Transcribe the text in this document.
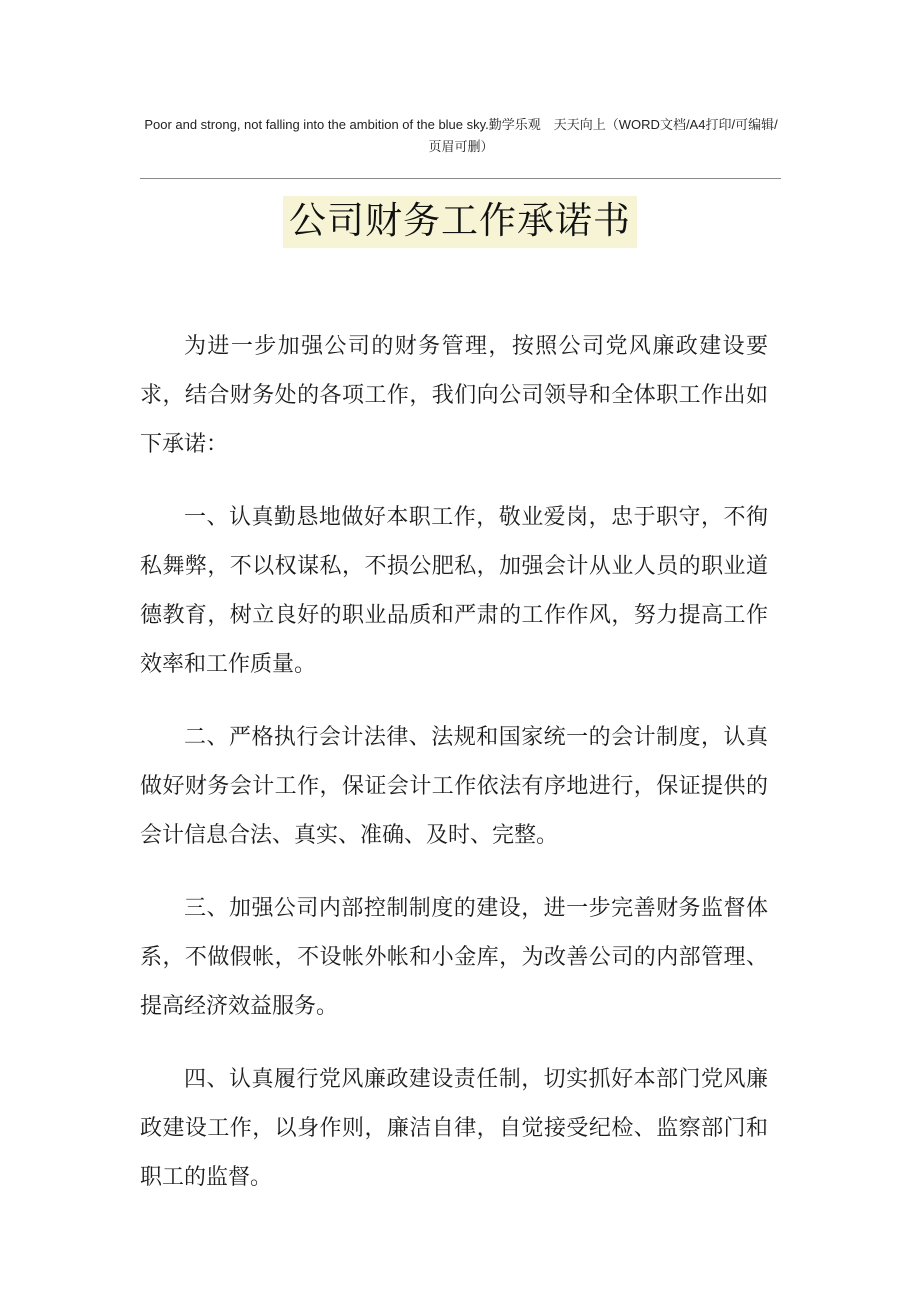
Poor and strong, not falling into the ambition of the blue sky.勤学乐观　天天向上（WORD文档/A4打印/可编辑/页眉可删）
公司财务工作承诺书

为进一步加强公司的财务管理，按照公司党风廉政建设要求，结合财务处的各项工作，我们向公司领导和全体职工作出如下承诺：

一、认真勤恳地做好本职工作，敬业爱岗，忠于职守，不徇私舞弊，不以权谋私，不损公肥私，加强会计从业人员的职业道德教育，树立良好的职业品质和严肃的工作作风，努力提高工作效率和工作质量。

二、严格执行会计法律、法规和国家统一的会计制度，认真做好财务会计工作，保证会计工作依法有序地进行，保证提供的会计信息合法、真实、准确、及时、完整。

三、加强公司内部控制制度的建设，进一步完善财务监督体系，不做假帐，不设帐外帐和小金库，为改善公司的内部管理、提高经济效益服务。

四、认真履行党风廉政建设责任制，切实抓好本部门党风廉政建设工作，以身作则，廉洁自律，自觉接受纪检、监察部门和职工的监督。
